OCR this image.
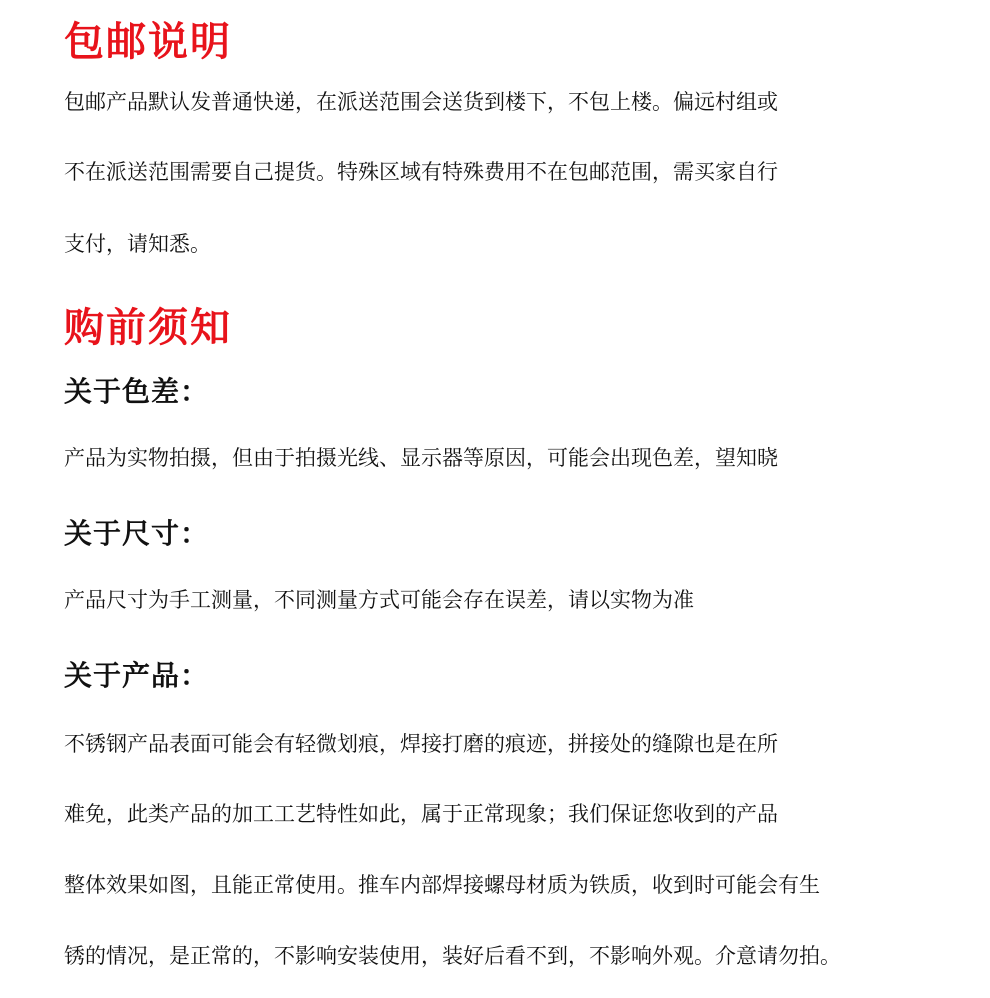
包邮说明
包邮产品默认发普通快递，在派送范围会送货到楼下，不包上楼。偏远村组或
不在派送范围需要自己提货。特殊区域有特殊费用不在包邮范围，需买家自行
支付，请知悉。
购前须知
关于色差：
产品为实物拍摄，但由于拍摄光线、显示器等原因，可能会出现色差，望知晓
关于尺寸：
产品尺寸为手工测量，不同测量方式可能会存在误差，请以实物为准
关于产品：
不锈钢产品表面可能会有轻微划痕，焊接打磨的痕迹，拼接处的缝隙也是在所
难免，此类产品的加工工艺特性如此，属于正常现象；我们保证您收到的产品
整体效果如图，且能正常使用。推车内部焊接螺母材质为铁质，收到时可能会有生
锈的情况，是正常的，不影响安装使用，装好后看不到，不影响外观。介意请勿拍。
